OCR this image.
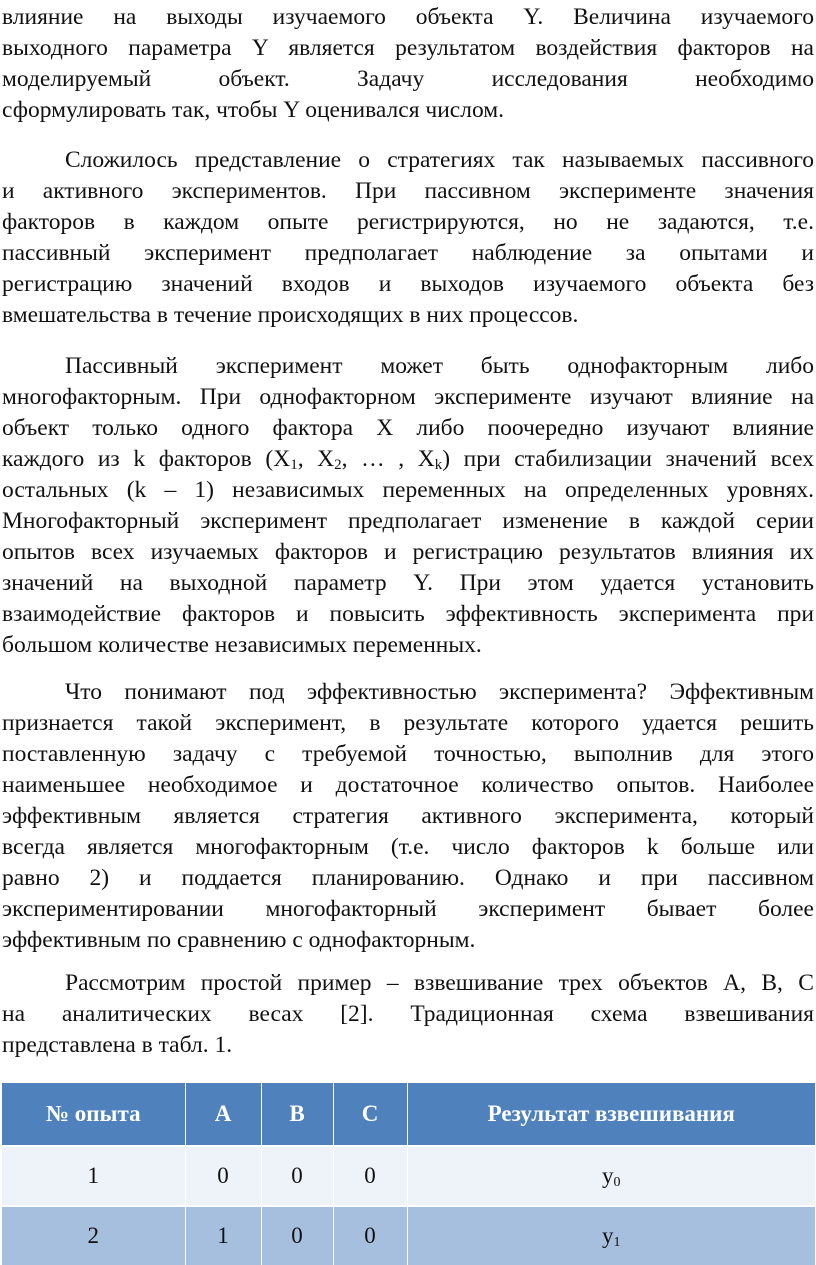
влияние на выходы изучаемого объекта Y. Величина изучаемого
выходного параметра Y является результатом воздействия факторов на
моделируемый объект. Задачу исследования необходимо
сформулировать так, чтобы Y оценивался числом.

Сложилось представление о стратегиях так называемых пассивного
и активного экспериментов. При пассивном эксперименте значения
факторов в каждом опыте регистрируются, но не задаются, т.е.
пассивный эксперимент предполагает наблюдение за опытами и
регистрацию значений входов и выходов изучаемого объекта без
вмешательства в течение происходящих в них процессов.

Пассивный эксперимент может быть однофакторным либо
многофакторным. При однофакторном эксперименте изучают влияние на
объект только одного фактора X либо поочередно изучают влияние
каждого из k факторов ($X_1$, $X_2$, … , $X_k$) при стабилизации значений всех
остальных (k – 1) независимых переменных на определенных уровнях.
Многофакторный эксперимент предполагает изменение в каждой серии
опытов всех изучаемых факторов и регистрацию результатов влияния их
значений на выходной параметр Y. При этом удается установить
взаимодействие факторов и повысить эффективность эксперимента при
большом количестве независимых переменных.

Что понимают под эффективностью эксперимента? Эффективным
признается такой эксперимент, в результате которого удается решить
поставленную задачу с требуемой точностью, выполнив для этого
наименьшее необходимое и достаточное количество опытов. Наиболее
эффективным является стратегия активного эксперимента, который
всегда является многофакторным (т.е. число факторов k больше или
равно 2) и поддается планированию. Однако и при пассивном
экспериментировании многофакторный эксперимент бывает более
эффективным по сравнению с однофакторным.

Рассмотрим простой пример – взвешивание трех объектов A, B, C
на аналитических весах [2]. Традиционная схема взвешивания
представлена в табл. 1.

№ опыта	A	B	C	Результат взвешивания
1	0	0	0	y0
2	1	0	0	y1
